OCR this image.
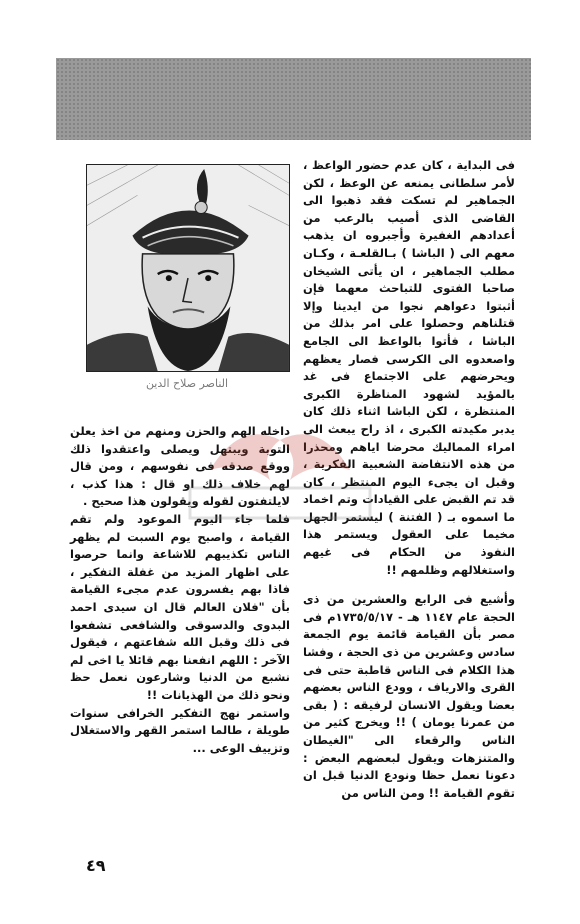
فى البداية ، كان عدم حضور الواعظ ، لأمر سلطانى يمنعه عن الوعظ ، لكن الجماهير لم تسكت فقد ذهبوا الى القاضى الذى أصيب بالرعب من أعدادهم الغفيرة وأجبروه ان يذهب معهم الى ( الباشا ) بـالقلعـة ، وكـان مطلب الجماهير ، ان يأتى الشيخان صاحبا الفتوى للتباحث معهما فإن أثبتوا دعواهم نجوا من ايدينا وإلا قتلناهم وحصلوا على امر بذلك من الباشا ، فأتوا بالواعظ الى الجامع واصعدوه الى الكرسى فصار يعظهم ويحرضهم على الاجتماع فى غد بالمؤيد لشهود المناظرة الكبرى المنتظرة ، لكن الباشا اثناء ذلك كان يدبر مكيدته الكبرى ، اذ راح يبعث الى امراء المماليك محرضا اياهم ومحذرا من هذه الانتفاضة الشعبية الفكرية ، وقبل ان يجىء اليوم المنتظر ، كان قد تم القبض على القيادات وتم اخماد ما اسموه بـ ( الفتنة ) ليستمر الجهل مخيما على العقول ويستمر هذا النفوذ من الحكام فى غيهم واستغلالهم وظلمهم !!

وأشيع فى الرابع والعشرين من ذى الحجة عام ١١٤٧ هـ - ١٧٣٥/٥/١٧م فى مصر بأن القيامة قائمة يوم الجمعة سادس وعشرين من ذى الحجة ، وفشا هذا الكلام فى الناس قاطبة حتى فى القرى والارياف ، وودع الناس بعضهم بعضا ويقول الانسان لرفيقه : ( بقى من عمرنا يومان ) !! ويخرج كثير من الناس والرقعاء الى "الغيطان والمتنزهات ويقول لبعضهم البعض : دعونا نعمل حظا ونودع الدنيا قبل ان تقوم القيامة !! ومن الناس من

الناصر صلاح الدين

داخله الهم والحزن ومنهم من اخذ يعلن التوبة ويبتهل ويصلى واعتقدوا ذلك ووقع صدقه فى نفوسهم ، ومن قال لهم خلاف ذلك او قال : هذا كذب ، لايلتفتون لقوله ويقولون هذا صحيح .

فلما جاء اليوم الموعود ولم تقم القيامة ، واصبح يوم السبت لم يظهر الناس تكذيبهم للاشاعة وانما حرصوا على اظهار المزيد من غفلة التفكير ، فاذا بهم يفسرون عدم مجىء القيامة بأن "فلان العالم قال ان سيدى احمد البدوى والدسوقى والشافعى تشفعوا فى ذلك وقبل الله شفاعتهم ، فيقول الآخر : اللهم انفعنا بهم قائلا يا اخى لم نشبع من الدنيا وشارعون نعمل حظ ونحو ذلك من الهذيانات !!

واستمر نهج التفكير الخرافى سنوات طويلة ، طالما استمر القهر والاستغلال وتزييف الوعى ...

٤٩
